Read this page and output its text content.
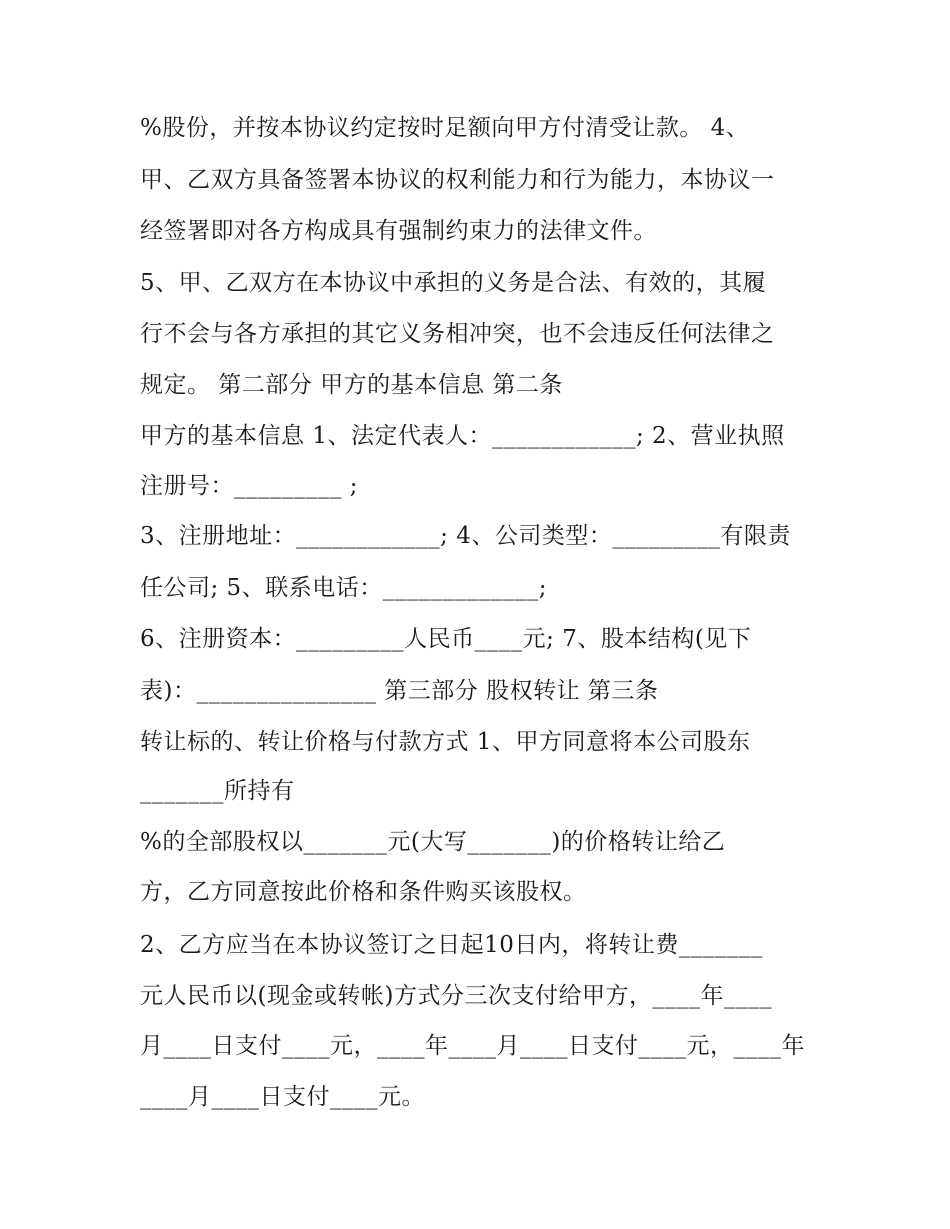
%股份，并按本协议约定按时足额向甲方付清受让款。 4、
甲、乙双方具备签署本协议的权利能力和行为能力，本协议一
经签署即对各方构成具有强制约束力的法律文件。
5、甲、乙双方在本协议中承担的义务是合法、有效的，其履
行不会与各方承担的其它义务相冲突，也不会违反任何法律之
规定。 第二部分 甲方的基本信息 第二条
甲方的基本信息 1、法定代表人：____________; 2、营业执照
注册号：_________ ;
3、注册地址：____________; 4、公司类型：_________有限责
任公司; 5、联系电话：_____________;
6、注册资本：_________人民币____元; 7、股本结构(见下
表)：_______________ 第三部分 股权转让 第三条
转让标的、转让价格与付款方式 1、甲方同意将本公司股东
_______所持有
%的全部股权以_______元(大写_______)的价格转让给乙
方，乙方同意按此价格和条件购买该股权。
2、乙方应当在本协议签订之日起10日内，将转让费_______
元人民币以(现金或转帐)方式分三次支付给甲方，____年____
月____日支付____元，____年____月____日支付____元，____年
____月____日支付____元。
